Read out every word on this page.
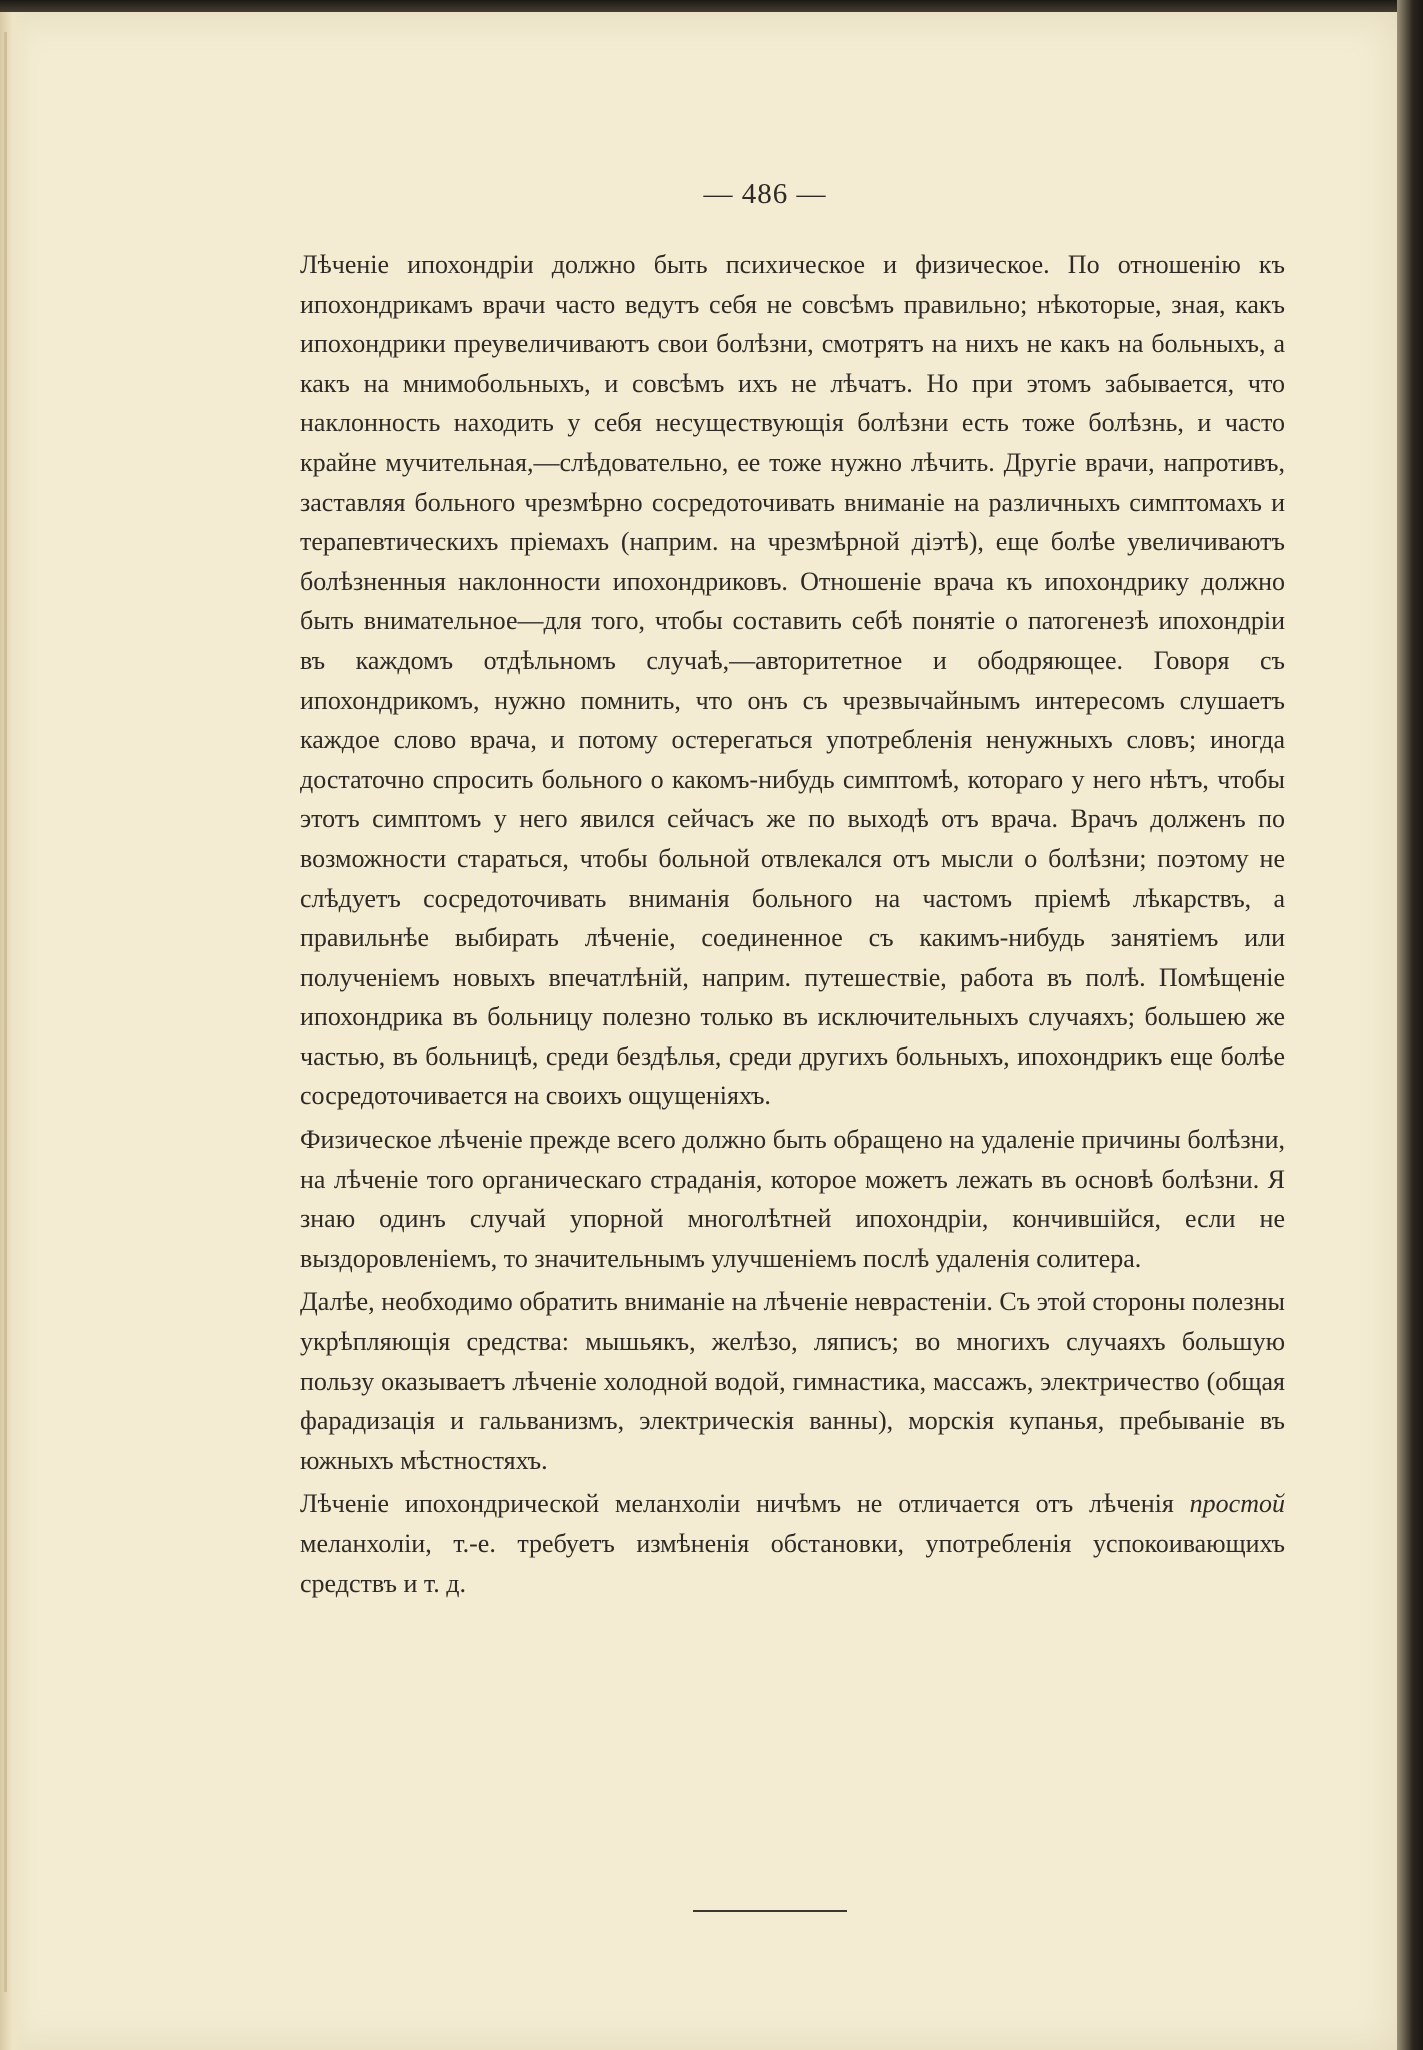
— 486 —

Лѣченіе ипохондріи должно быть психическое и физическое. По отношенію къ ипохондрикамъ врачи часто ведутъ себя не совсѣмъ правильно; нѣкоторые, зная, какъ ипохондрики преувеличиваютъ свои болѣзни, смотрятъ на нихъ не какъ на больныхъ, а какъ на мнимобольныхъ, и совсѣмъ ихъ не лѣчатъ. Но при этомъ забывается, что наклонность находить у себя несуществующія болѣзни есть тоже болѣзнь, и часто крайне мучительная,—слѣдовательно, ее тоже нужно лѣчить. Другіе врачи, напротивъ, заставляя больного чрезмѣрно сосредоточивать вниманіе на различныхъ симптомахъ и терапевтическихъ пріемахъ (наприм. на чрезмѣрной діэтѣ), еще болѣе увеличиваютъ болѣзненныя наклонности ипохондриковъ. Отношеніе врача къ ипохондрику должно быть внимательное—для того, чтобы составить себѣ понятіе о патогенезѣ ипохондріи въ каждомъ отдѣльномъ случаѣ,—авторитетное и ободряющее. Говоря съ ипохондрикомъ, нужно помнить, что онъ съ чрезвычайнымъ интересомъ слушаетъ каждое слово врача, и потому остерегаться употребленія ненужныхъ словъ; иногда достаточно спросить больного о какомъ-нибудь симптомѣ, котораго у него нѣтъ, чтобы этотъ симптомъ у него явился сейчасъ же по выходѣ отъ врача. Врачъ долженъ по возможности стараться, чтобы больной отвлекался отъ мысли о болѣзни; поэтому не слѣдуетъ сосредоточивать вниманія больного на частомъ пріемѣ лѣкарствъ, а правильнѣе выбирать лѣченіе, соединенное съ какимъ-нибудь занятіемъ или полученіемъ новыхъ впечатлѣній, наприм. путешествіе, работа въ полѣ. Помѣщеніе ипохондрика въ больницу полезно только въ исключительныхъ случаяхъ; большею же частью, въ больницѣ, среди бездѣлья, среди другихъ больныхъ, ипохондрикъ еще болѣе сосредоточивается на своихъ ощущеніяхъ.

Физическое лѣченіе прежде всего должно быть обращено на удаленіе причины болѣзни, на лѣченіе того органическаго страданія, которое можетъ лежать въ основѣ болѣзни. Я знаю одинъ случай упорной многолѣтней ипохондріи, кончившійся, если не выздоровленіемъ, то значительнымъ улучшеніемъ послѣ удаленія солитера.

Далѣе, необходимо обратить вниманіе на лѣченіе неврастеніи. Съ этой стороны полезны укрѣпляющія средства: мышьякъ, желѣзо, ляписъ; во многихъ случаяхъ большую пользу оказываетъ лѣченіе холодной водой, гимнастика, массажъ, электричество (общая фарадизація и гальванизмъ, электрическія ванны), морскія купанья, пребываніе въ южныхъ мѣстностяхъ.

Лѣченіе ипохондрической меланхоліи ничѣмъ не отличается отъ лѣченія простой меланхоліи, т.-е. требуетъ измѣненія обстановки, употребленія успокоивающихъ средствъ и т. д.
